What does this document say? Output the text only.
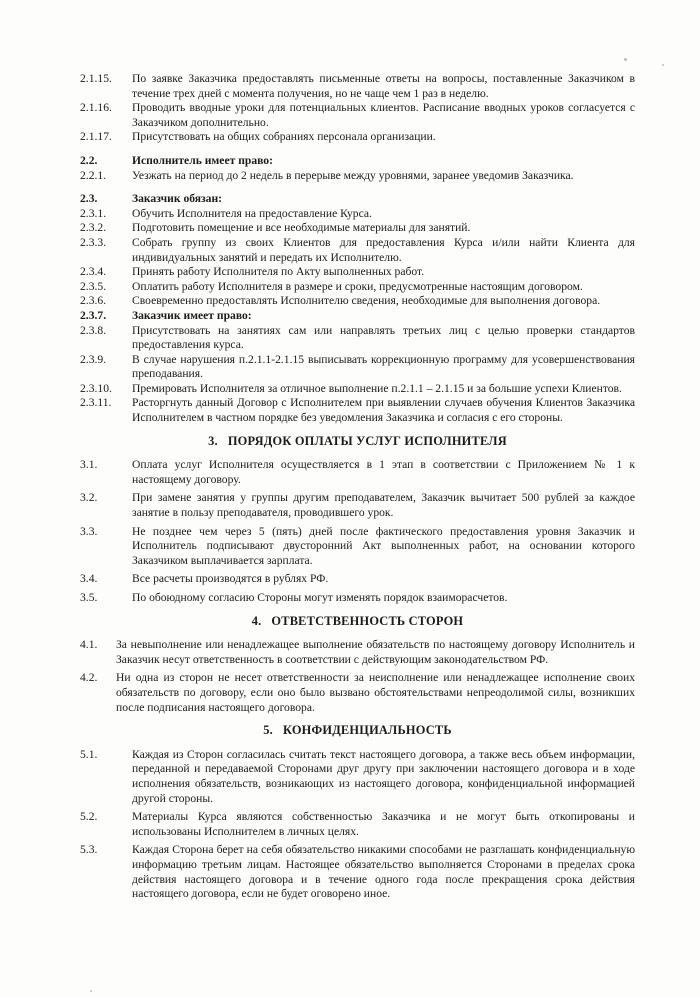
2.1.15.	По заявке Заказчика предоставлять письменные ответы на вопросы, поставленные Заказчиком в течение трех дней с момента получения, но не чаще чем 1 раз в неделю.
2.1.16.	Проводить вводные уроки для потенциальных клиентов. Расписание вводных уроков согласуется с Заказчиком дополнительно.
2.1.17.	Присутствовать на общих собраниях персонала организации.
2.2.	Исполнитель имеет право:
2.2.1.	Уезжать на период до 2 недель в перерыве между уровнями, заранее уведомив Заказчика.
2.3.	Заказчик обязан:
2.3.1.	Обучить Исполнителя на предоставление Курса.
2.3.2.	Подготовить помещение и все необходимые материалы для занятий.
2.3.3.	Собрать группу из своих Клиентов для предоставления Курса и/или найти Клиента для индивидуальных занятий и передать их Исполнителю.
2.3.4.	Принять работу Исполнителя по Акту выполненных работ.
2.3.5.	Оплатить работу Исполнителя в размере и сроки, предусмотренные настоящим договором.
2.3.6.	Своевременно предоставлять Исполнителю сведения, необходимые для выполнения договора.
2.3.7.	Заказчик имеет право:
2.3.8.	Присутствовать на занятиях сам или направлять третьих лиц с целью проверки стандартов предоставления курса.
2.3.9.	В случае нарушения п.2.1.1-2.1.15 выписывать коррекционную программу для усовершенствования преподавания.
2.3.10.	Премировать Исполнителя за отличное выполнение п.2.1.1 – 2.1.15 и за большие успехи Клиентов.
2.3.11.	Расторгнуть данный Договор с Исполнителем при выявлении случаев обучения Клиентов Заказчика Исполнителем в частном порядке без уведомления Заказчика и согласия с его стороны.
3. ПОРЯДОК ОПЛАТЫ УСЛУГ ИСПОЛНИТЕЛЯ
3.1.	Оплата услуг Исполнителя осуществляется в 1 этап в соответствии с Приложением № 1 к настоящему договору.
3.2.	При замене занятия у группы другим преподавателем, Заказчик вычитает 500 рублей за каждое занятие в пользу преподавателя, проводившего урок.
3.3.	Не позднее чем через 5 (пять) дней после фактического предоставления уровня Заказчик и Исполнитель подписывают двусторонний Акт выполненных работ, на основании которого Заказчиком выплачивается зарплата.
3.4.	Все расчеты производятся в рублях РФ.
3.5.	По обоюдному согласию Стороны могут изменять порядок взаиморасчетов.
4. ОТВЕТСТВЕННОСТЬ СТОРОН
4.1.	За невыполнение или ненадлежащее выполнение обязательств по настоящему договору Исполнитель и Заказчик несут ответственность в соответствии с действующим законодательством РФ.
4.2.	Ни одна из сторон не несет ответственности за неисполнение или ненадлежащее исполнение своих обязательств по договору, если оно было вызвано обстоятельствами непреодолимой силы, возникших после подписания настоящего договора.
5. КОНФИДЕНЦИАЛЬНОСТЬ
5.1.	Каждая из Сторон согласилась считать текст настоящего договора, а также весь объем информации, переданной и передаваемой Сторонами друг другу при заключении настоящего договора и в ходе исполнения обязательств, возникающих из настоящего договора, конфиденциальной информацией другой стороны.
5.2.	Материалы Курса являются собственностью Заказчика и не могут быть откопированы и использованы Исполнителем в личных целях.
5.3.	Каждая Сторона берет на себя обязательство никакими способами не разглашать конфиденциальную информацию третьим лицам. Настоящее обязательство выполняется Сторонами в пределах срока действия настоящего договора и в течение одного года после прекращения срока действия настоящего договора, если не будет оговорено иное.
